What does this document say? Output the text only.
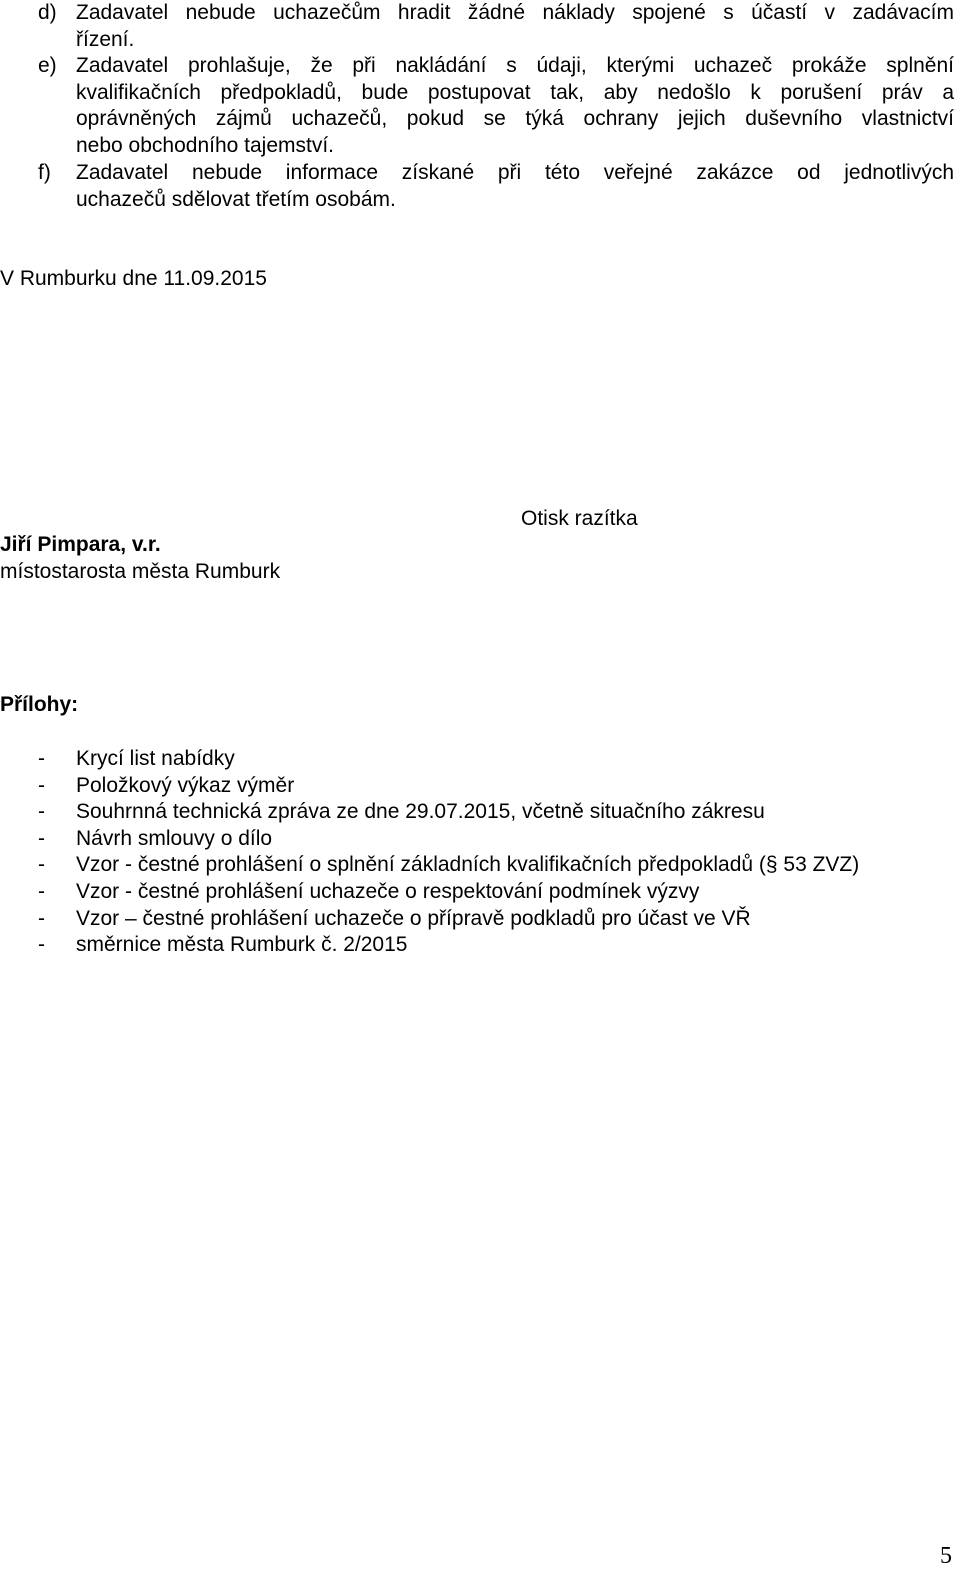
d) Zadavatel nebude uchazečům hradit žádné náklady spojené s účastí v zadávacím
řízení.
e) Zadavatel prohlašuje, že při nakládání s údaji, kterými uchazeč prokáže splnění
kvalifikačních předpokladů, bude postupovat tak, aby nedošlo k porušení práv a
oprávněných zájmů uchazečů, pokud se týká ochrany jejich duševního vlastnictví
nebo obchodního tajemství.
f) Zadavatel nebude informace získané při této veřejné zakázce od jednotlivých
uchazečů sdělovat třetím osobám.
V Rumburku dne 11.09.2015
Otisk razítka
Jiří Pimpara, v.r.
místostarosta města Rumburk
Přílohy:
- Krycí list nabídky
- Položkový výkaz výměr
- Souhrnná technická zpráva ze dne 29.07.2015, včetně situačního zákresu
- Návrh smlouvy o dílo
- Vzor - čestné prohlášení o splnění základních kvalifikačních předpokladů (§ 53 ZVZ)
- Vzor - čestné prohlášení uchazeče o respektování podmínek výzvy
- Vzor – čestné prohlášení uchazeče o přípravě podkladů pro účast ve VŘ
- směrnice města Rumburk č. 2/2015
5
